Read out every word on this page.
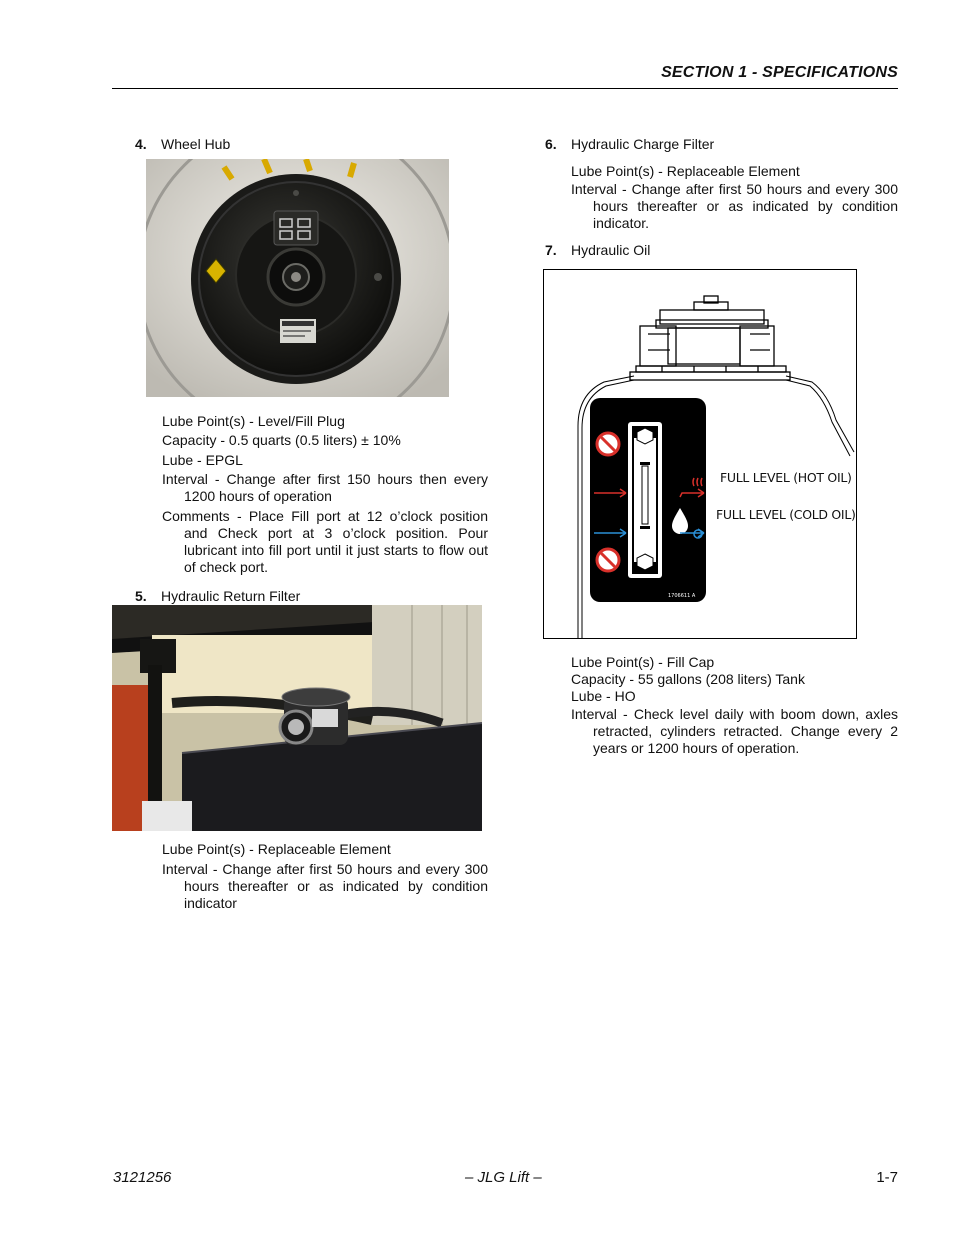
SECTION 1 - SPECIFICATIONS
4. Wheel Hub
Lube Point(s) - Level/Fill Plug
Capacity - 0.5 quarts (0.5 liters) ± 10%
Lube - EPGL
Interval - Change after first 150 hours then every 1200 hours of operation
Comments - Place Fill port at 12 o’clock position and Check port at 3 o’clock position. Pour lubricant into fill port until it just starts to flow out of check port.
5. Hydraulic Return Filter
Lube Point(s) - Replaceable Element
Interval - Change after first 50 hours and every 300 hours thereafter or as indicated by condition indicator
6. Hydraulic Charge Filter
Lube Point(s) - Replaceable Element
Interval - Change after first 50 hours and every 300 hours thereafter or as indicated by condition indicator.
7. Hydraulic Oil
1706611 A
FULL LEVEL (HOT OIL)
FULL LEVEL (COLD OIL)
Lube Point(s) - Fill Cap
Capacity - 55 gallons (208 liters) Tank
Lube - HO
Interval - Check level daily with boom down, axles retracted, cylinders retracted. Change every 2 years or 1200 hours of operation.
3121256	– JLG Lift –	1-7
